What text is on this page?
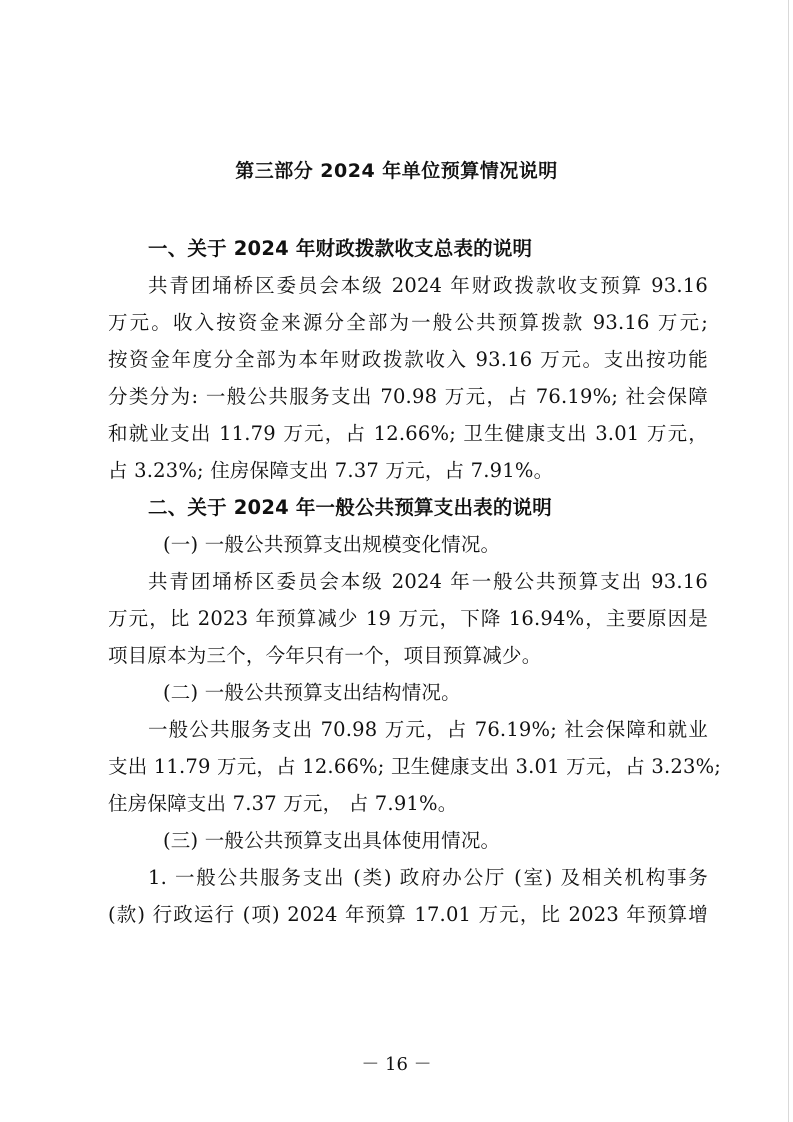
第三部分 2024 年单位预算情况说明

一、关于 2024 年财政拨款收支总表的说明

共青团埇桥区委员会本级 2024 年财政拨款收支预算 93.16

万元。收入按资金来源分全部为一般公共预算拨款 93.16 万元;

按资金年度分全部为本年财政拨款收入 93.16 万元。支出按功能

分类分为: 一般公共服务支出 70.98 万元，占 76.19%; 社会保障

和就业支出 11.79 万元，占 12.66%; 卫生健康支出 3.01 万元，

占 3.23%; 住房保障支出 7.37 万元，占 7.91%。

二、关于 2024 年一般公共预算支出表的说明

(一) 一般公共预算支出规模变化情况。

共青团埇桥区委员会本级 2024 年一般公共预算支出 93.16

万元，比 2023 年预算减少 19 万元，下降 16.94%，主要原因是

项目原本为三个，今年只有一个，项目预算减少。

(二) 一般公共预算支出结构情况。

一般公共服务支出 70.98 万元，占 76.19%; 社会保障和就业

支出 11.79 万元，占 12.66%; 卫生健康支出 3.01 万元，占 3.23%;

住房保障支出 7.37 万元， 占 7.91%。

(三) 一般公共预算支出具体使用情况。

1. 一般公共服务支出 (类) 政府办公厅 (室) 及相关机构事务

(款) 行政运行 (项) 2024 年预算 17.01 万元，比 2023 年预算增

－ 16 －
